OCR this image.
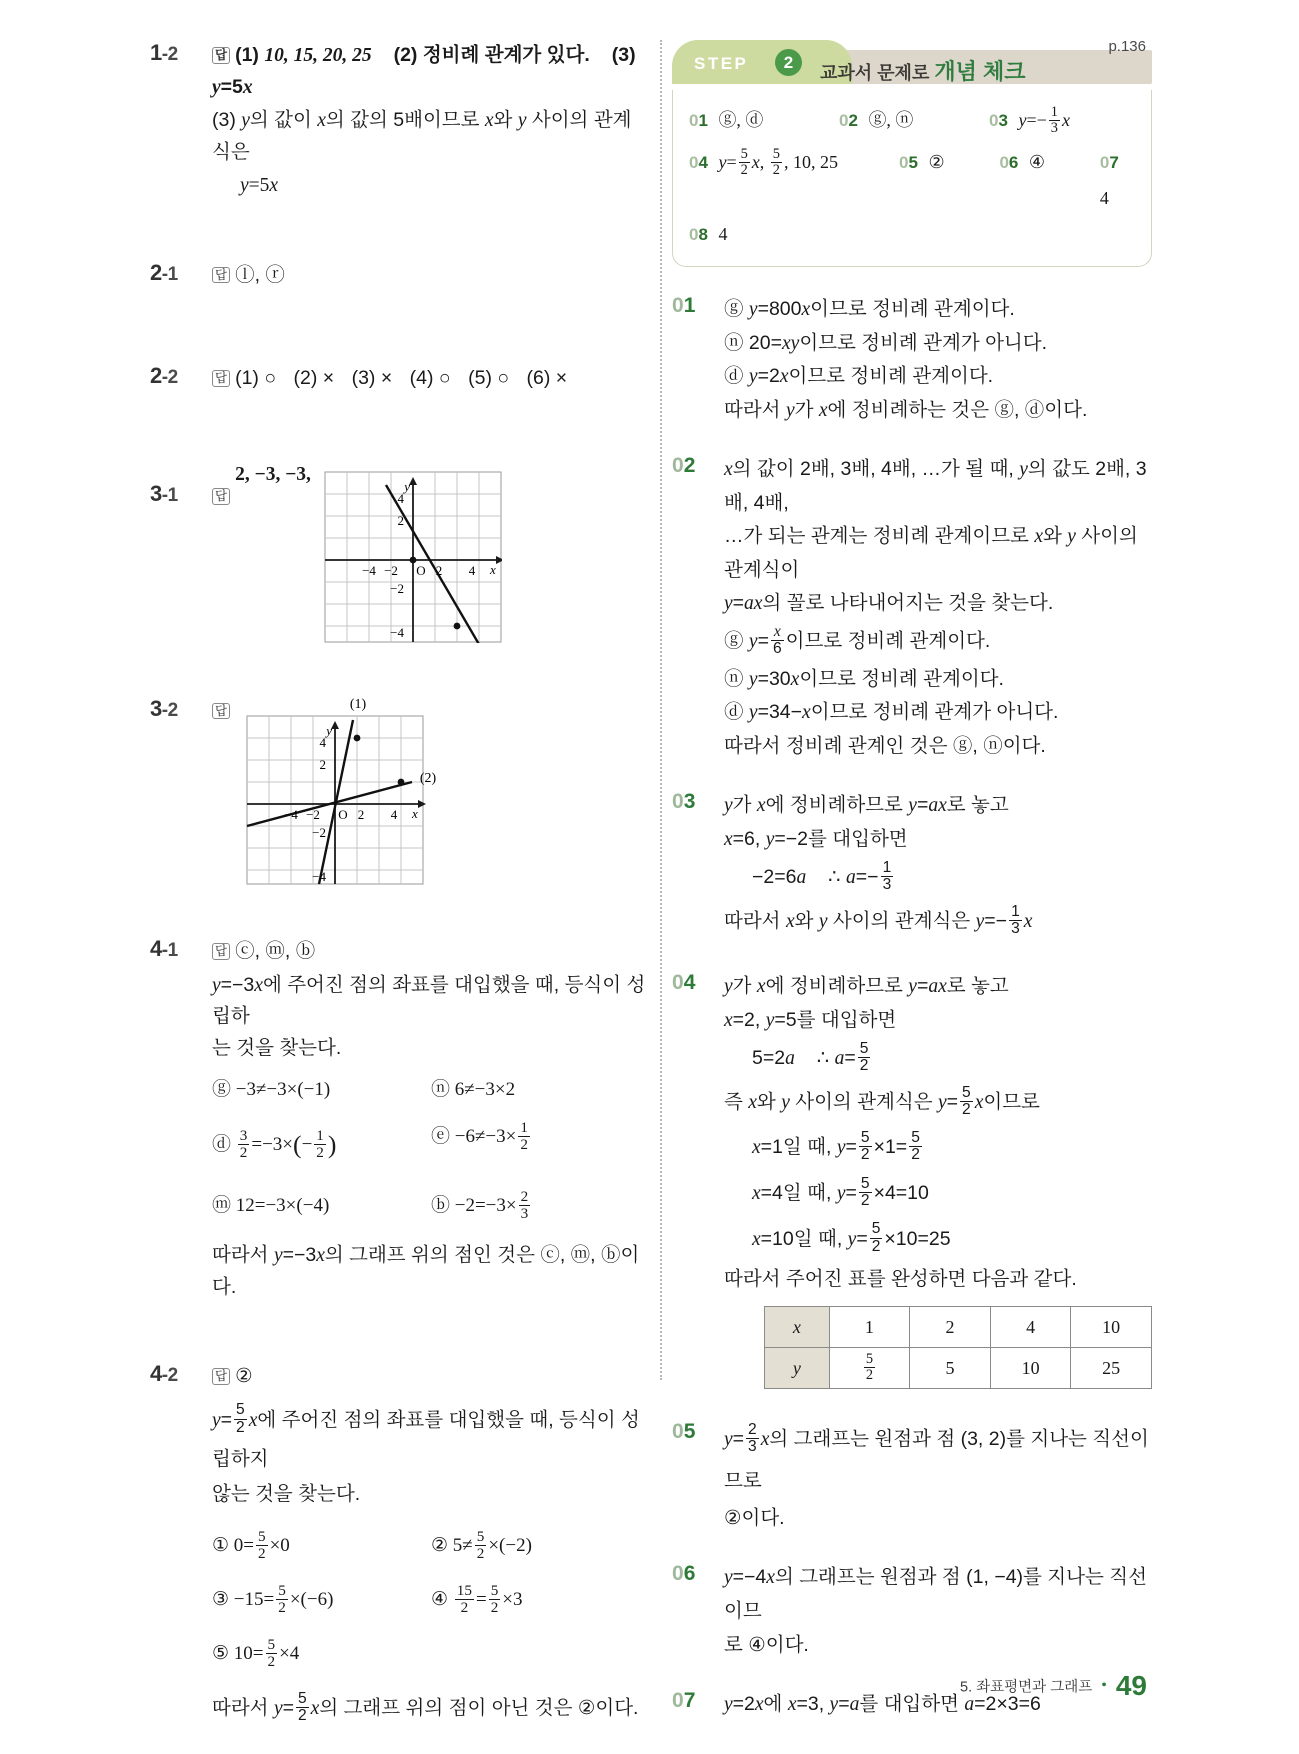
1-2	답 (1) 10, 15, 20, 25 (2) 정비례 관계가 있다. (3) y=5x
(3) y의 값이 x의 값의 5배이므로 x와 y 사이의 관계식은
y=5x
2-1	답 ⓛ, ⓡ
2-2	답 (1) ○ (2) × (3) × (4) ○ (5) ○ (6) ×
3-1	답2, −3, −3,
y
x
4
2
−2
−4
−4 −2 O 2 4
3-2	답
y
x
4
2
−2
−4
−4 −2 O 2 4
(1)
(2)
4-1	답 ⓒ, ⓜ, ⓑ
y=−3x에 주어진 점의 좌표를 대입했을 때, 등식이 성립하
는 것을 찾는다.
ⓖ −3≠−3×(−1)	ⓝ 6≠−3×2
ⓓ $\frac{3}{2} =-3\times(- \frac{1}{2}$ )	ⓔ $-6\ne-3\times \frac{1}{2}$
ⓜ 12=−3×(−4)	ⓑ $-2=-3\times \frac{2}{3}$
따라서 y=−3x의 그래프 위의 점인 것은 ⓒ, ⓜ, ⓑ이다.
4-2	답 ②
$y= \frac{5}{2}$ x에 주어진 점의 좌표를 대입했을 때, 등식이 성립하지
않는 것을 찾는다.
① $0= \frac{5}{2} \times 0$	② $5\ne \frac{5}{2} \times(-2)$
③ $-15= \frac{5}{2} \times(-6)$	④ $\frac{15}{2} = \frac{5}{2} \times 3$
⑤ $10= \frac{5}{2} \times 4$
따라서 $y= \frac{5}{2}$ x의 그래프 위의 점이 아닌 것은 ②이다.
STEP	2
교과서 문제로 개념 체크
p.136
01 ⓖ, ⓓ	02 ⓖ, ⓝ	03 $y=- \frac{1}{3}$ x
04 $y= \frac{5}{2} x$, $\frac{5}{2}$ , 10, 25	05 ②	06 ④	07 4
08 4
01 ⓖ y=800x이므로 정비례 관계이다.
ⓝ 20=xy이므로 정비례 관계가 아니다.
ⓓ y=2x이므로 정비례 관계이다.
따라서 y가 x에 정비례하는 것은 ⓖ, ⓓ이다.
02 x의 값이 2배, 3배, 4배, …가 될 때, y의 값도 2배, 3배, 4배,
…가 되는 관계는 정비례 관계이므로 x와 y 사이의 관계식이
y=ax의 꼴로 나타내어지는 것을 찾는다.
ⓖ $y= \frac{x}{6}$ 이므로 정비례 관계이다.
ⓝ y=30x이므로 정비례 관계이다.
ⓓ y=34−x이므로 정비례 관계가 아니다.
따라서 정비례 관계인 것은 ⓖ, ⓝ이다.
03 y가 x에 정비례하므로 y=ax로 놓고
x=6, y=−2를 대입하면
−2=6a ∴ $a=- \frac{1}{3}$
따라서 x와 y 사이의 관계식은 $y=- \frac{1}{3}$ x
04 y가 x에 정비례하므로 y=ax로 놓고
x=2, y=5를 대입하면
5=2a ∴ $a= \frac{5}{2}$
즉 x와 y 사이의 관계식은 $y= \frac{5}{2}$ x이므로
x=1일 때, $y= \frac{5}{2} \times 1= \frac{5}{2}$
x=4일 때, $y= \frac{5}{2} \times 4=10$
x=10일 때, $y= \frac{5}{2} \times 10=25$
따라서 주어진 표를 완성하면 다음과 같다.
x	1	2	4	10
y	$\frac{5}{2}$	5	10	25
05 $y= \frac{2}{3}$ x의 그래프는 원점과 점 (3, 2)를 지나는 직선이므로
②이다.
06 y=−4x의 그래프는 원점과 점 (1, −4)를 지나는 직선이므
로 ④이다.
07 y=2x에 x=3, y=a를 대입하면 a=2×3=6
5. 좌표평면과 그래프 • 49
